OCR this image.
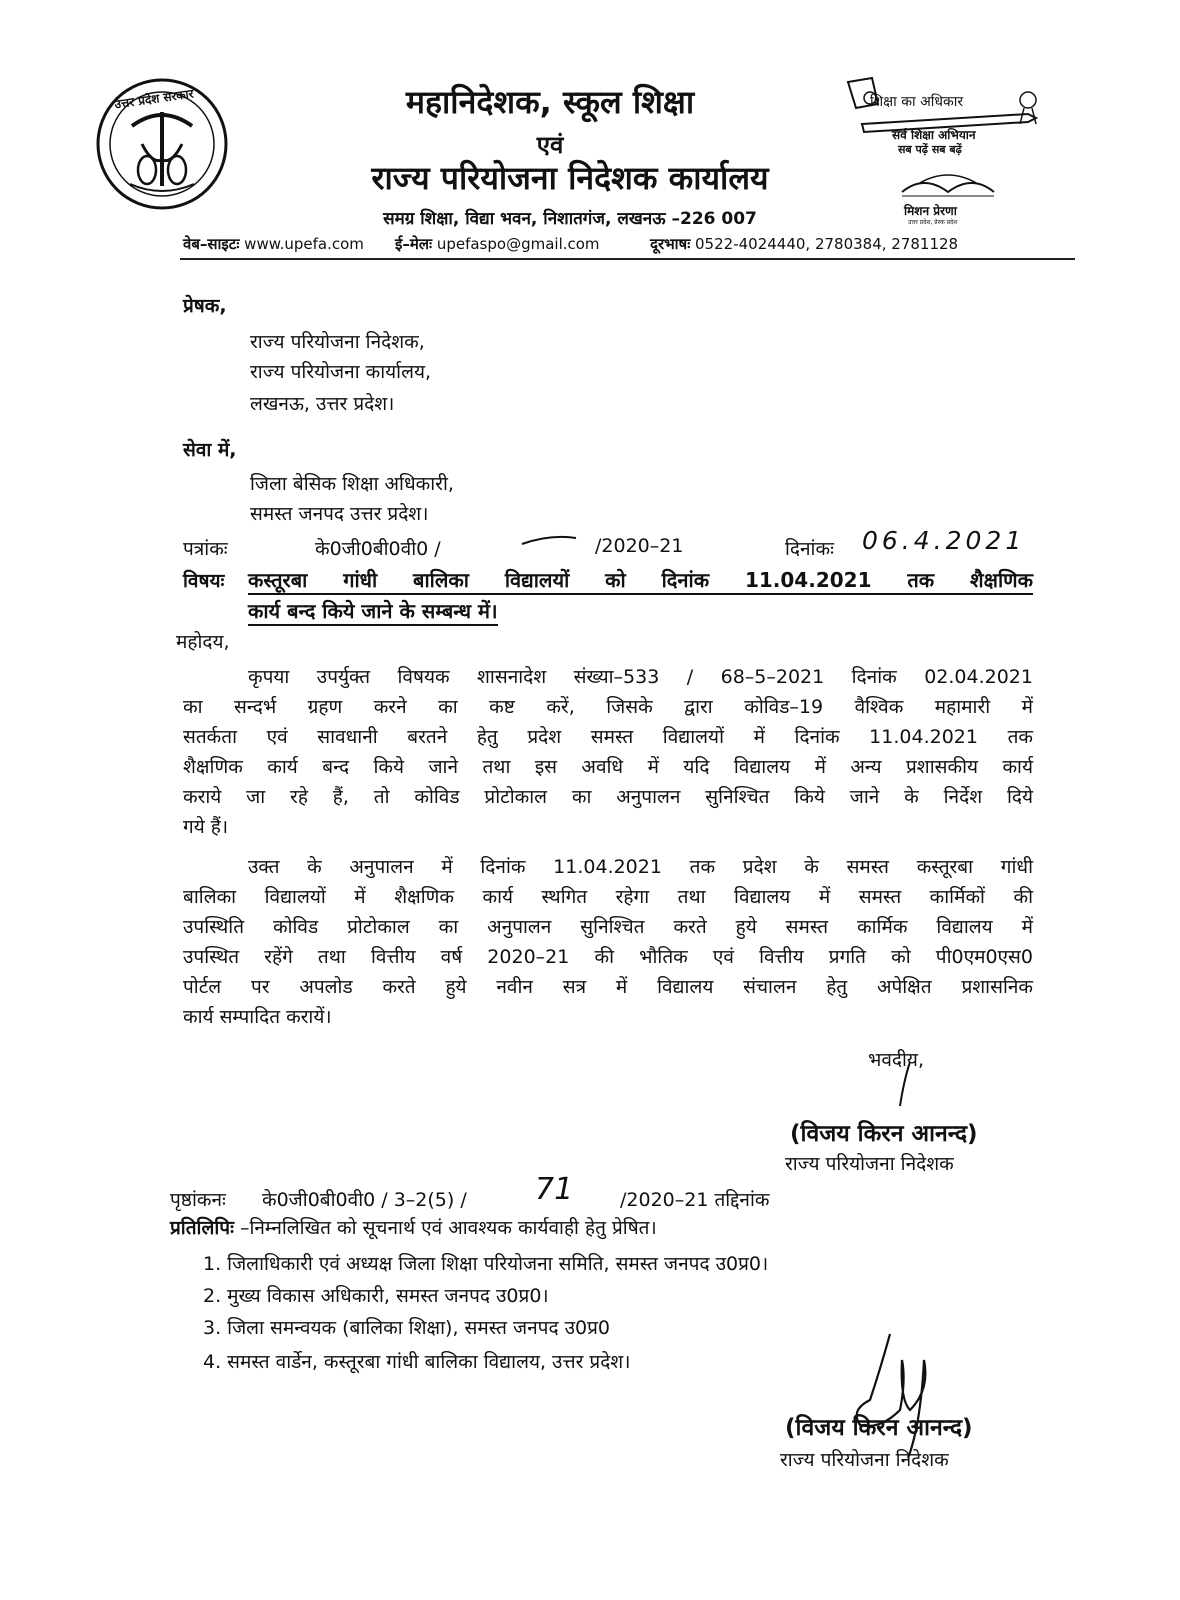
उत्तर प्रदेश सरकार	महानिदेशक, स्कूल शिक्षा
एवं
राज्य परियोजना निदेशक कार्यालय
समग्र शिक्षा, विद्या भवन, निशातगंज, लखनऊ –226 007
शिक्षा का अधिकार
सर्व शिक्षा अभियान
सब पढ़ें सब बढ़ें
मिशन प्रेरणा
उत्तर प्रदेश, प्रेरक प्रदेश
वेब–साइटः www.upefa.com ई–मेलः upefaspo@gmail.com	दूरभाषः 0522-4024440, 2780384, 2781128
प्रेषक,
राज्य परियोजना निदेशक,
राज्य परियोजना कार्यालय,
लखनऊ, उत्तर प्रदेश।
सेवा में,
जिला बेसिक शिक्षा अधिकारी,
समस्त जनपद उत्तर प्रदेश।
पत्रांकः	के0जी0बी0वी0 /	/2020–21	दिनांकः 06.4.2021
विषयः कस्तूरबा गांधी बालिका विद्यालयों को दिनांक 11.04.2021 तक शैक्षणिक
कार्य बन्द किये जाने के सम्बन्ध में।
महोदय,
कृपया उपर्युक्त विषयक शासनादेश संख्या–533 / 68–5–2021 दिनांक 02.04.2021
का सन्दर्भ ग्रहण करने का कष्ट करें, जिसके द्वारा कोविड–19 वैश्विक महामारी में
सतर्कता एवं सावधानी बरतने हेतु प्रदेश समस्त विद्यालयों में दिनांक 11.04.2021 तक
शैक्षणिक कार्य बन्द किये जाने तथा इस अवधि में यदि विद्यालय में अन्य प्रशासकीय कार्य
कराये जा रहे हैं, तो कोविड प्रोटोकाल का अनुपालन सुनिश्चित किये जाने के निर्देश दिये
गये हैं।
उक्त के अनुपालन में दिनांक 11.04.2021 तक प्रदेश के समस्त कस्तूरबा गांधी
बालिका विद्यालयों में शैक्षणिक कार्य स्थगित रहेगा तथा विद्यालय में समस्त कार्मिकों की
उपस्थिति कोविड प्रोटोकाल का अनुपालन सुनिश्चित करते हुये समस्त कार्मिक विद्यालय में
उपस्थित रहेंगे तथा वित्तीय वर्ष 2020–21 की भौतिक एवं वित्तीय प्रगति को पी0एम0एस0
पोर्टल पर अपलोड करते हुये नवीन सत्र में विद्यालय संचालन हेतु अपेक्षित प्रशासनिक
कार्य सम्पादित करायें।
भवदीय,
(विजय किरन आनन्द)
राज्य परियोजना निदेशक
पृष्ठांकनः के0जी0बी0वी0 / 3–2(5) / 71 /2020–21 तद्दिनांक
प्रतिलिपिः –निम्नलिखित को सूचनार्थ एवं आवश्यक कार्यवाही हेतु प्रेषित।
1. जिलाधिकारी एवं अध्यक्ष जिला शिक्षा परियोजना समिति, समस्त जनपद उ0प्र0।
2. मुख्य विकास अधिकारी, समस्त जनपद उ0प्र0।
3. जिला समन्वयक (बालिका शिक्षा), समस्त जनपद उ0प्र0
4. समस्त वार्डेन, कस्तूरबा गांधी बालिका विद्यालय, उत्तर प्रदेश।
(विजय किरन आनन्द)
राज्य परियोजना निदेशक
